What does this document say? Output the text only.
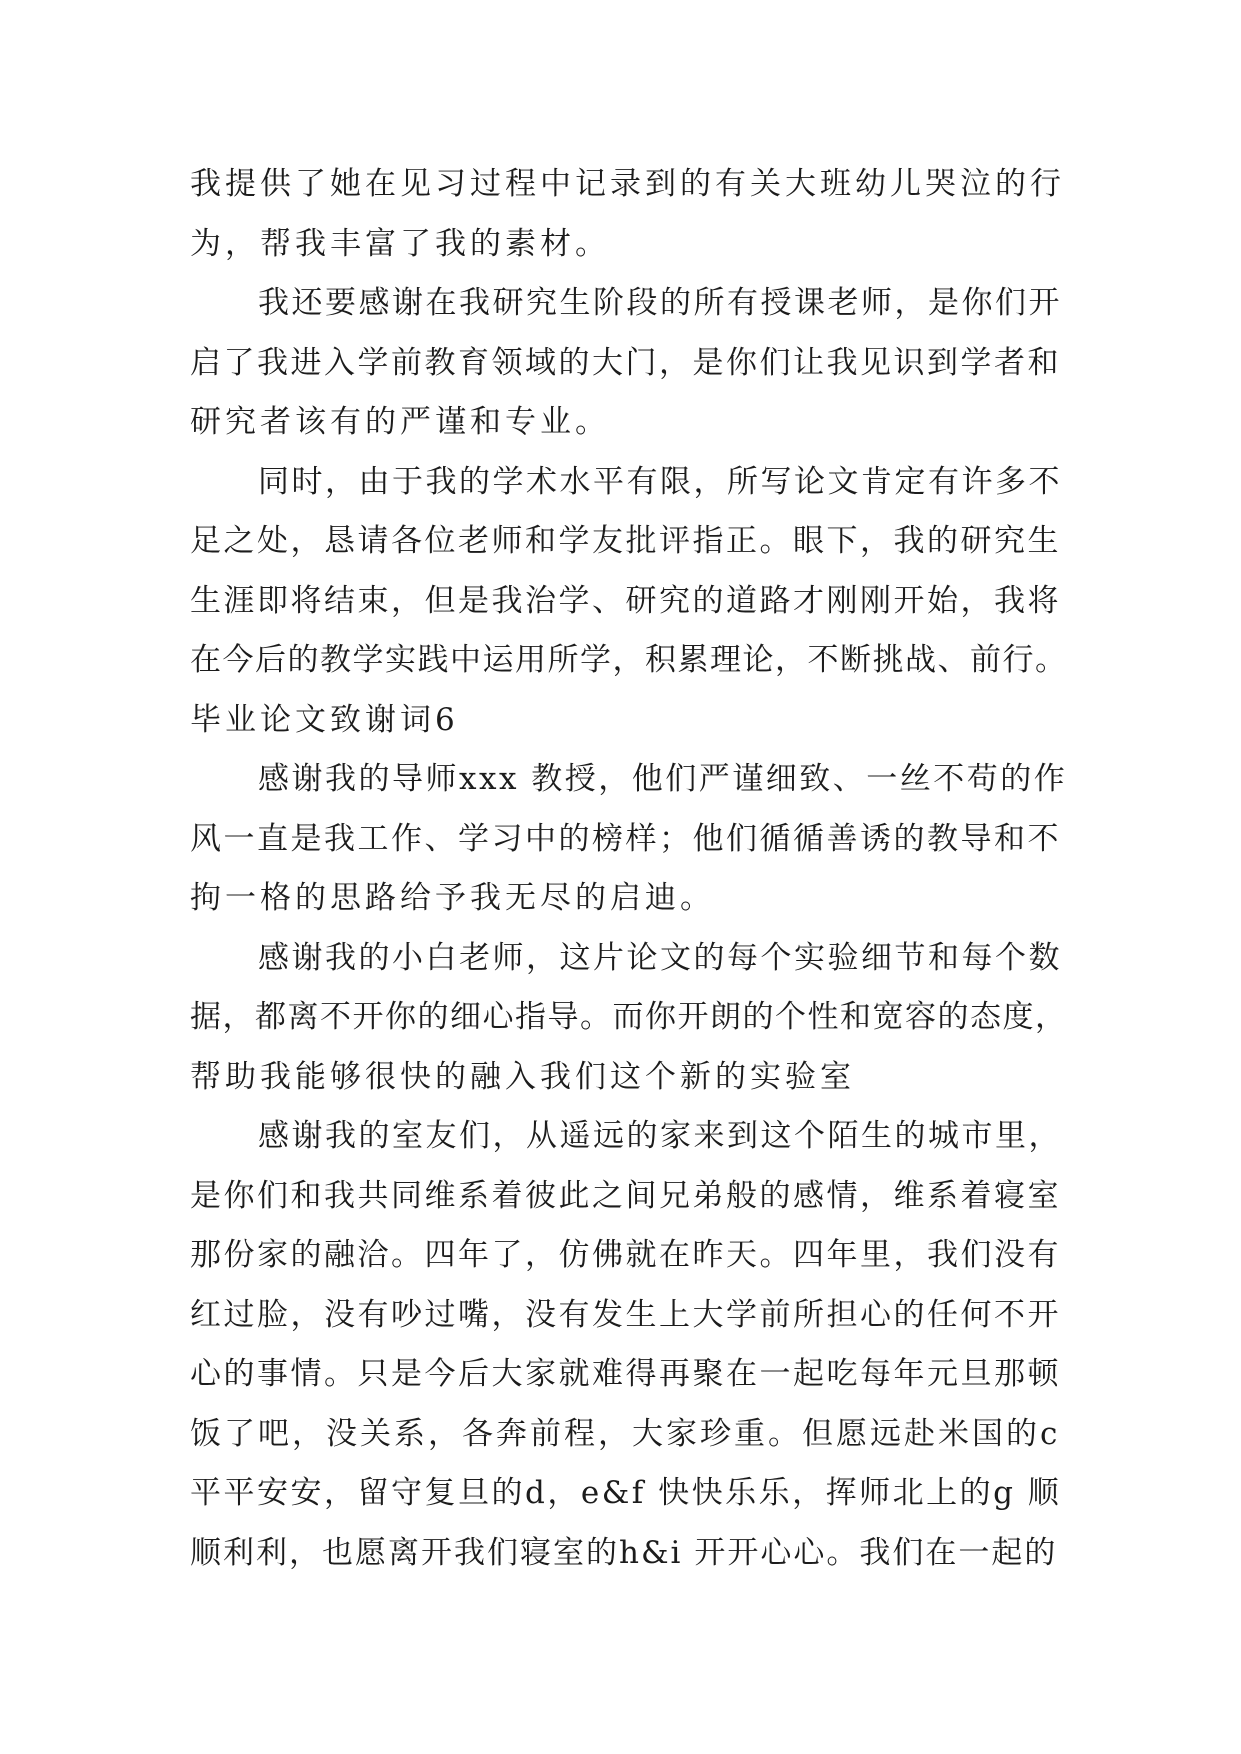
我提供了她在见习过程中记录到的有关大班幼儿哭泣的行
为，帮我丰富了我的素材。
我还要感谢在我研究生阶段的所有授课老师，是你们开
启了我进入学前教育领域的大门，是你们让我见识到学者和
研究者该有的严谨和专业。
同时，由于我的学术水平有限，所写论文肯定有许多不
足之处，恳请各位老师和学友批评指正。眼下，我的研究生
生涯即将结束，但是我治学、研究的道路才刚刚开始，我将
在今后的教学实践中运用所学，积累理论，不断挑战、前行。
毕业论文致谢词6
感谢我的导师xxx 教授，他们严谨细致、一丝不苟的作
风一直是我工作、学习中的榜样；他们循循善诱的教导和不
拘一格的思路给予我无尽的启迪。
感谢我的小白老师，这片论文的每个实验细节和每个数
据，都离不开你的细心指导。而你开朗的个性和宽容的态度，
帮助我能够很快的融入我们这个新的实验室
感谢我的室友们，从遥远的家来到这个陌生的城市里，
是你们和我共同维系着彼此之间兄弟般的感情，维系着寝室
那份家的融洽。四年了，仿佛就在昨天。四年里，我们没有
红过脸，没有吵过嘴，没有发生上大学前所担心的任何不开
心的事情。只是今后大家就难得再聚在一起吃每年元旦那顿
饭了吧，没关系，各奔前程，大家珍重。但愿远赴米国的c
平平安安，留守复旦的d，e&f 快快乐乐，挥师北上的g 顺
顺利利，也愿离开我们寝室的h&i 开开心心。我们在一起的
